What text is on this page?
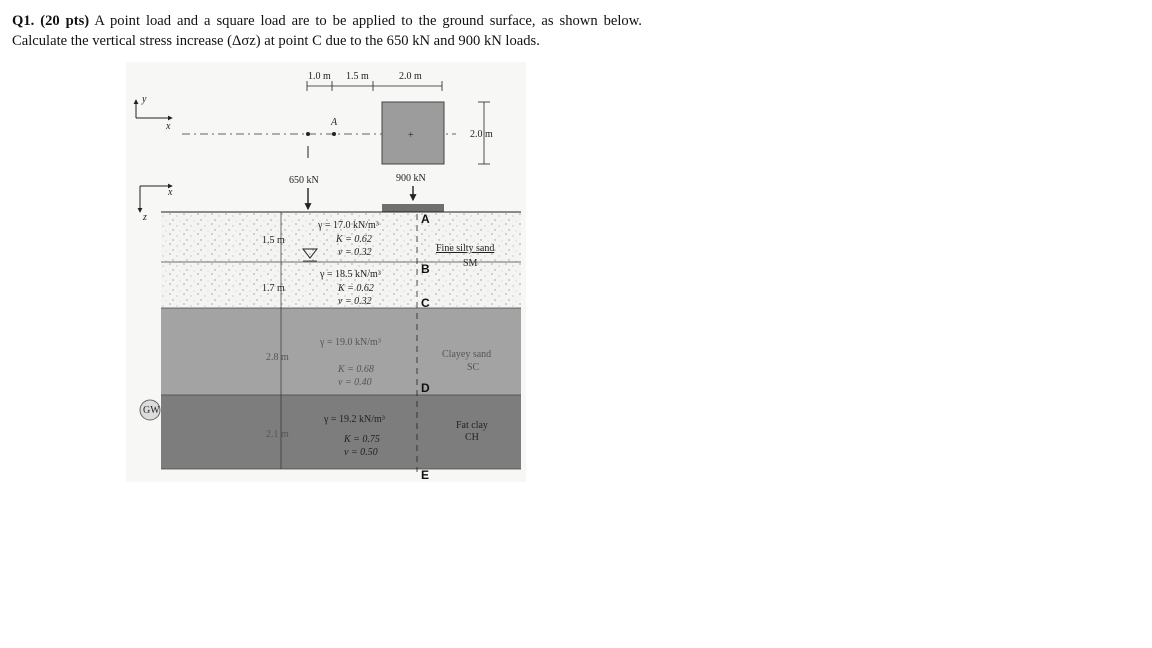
Q1. (20 pts) A point load and a square load are to be applied to the ground surface, as shown below. Calculate the vertical stress increase (Δσz) at point C due to the 650 kN and 900 kN loads.
1.0 m 1.5 m	2.0 m
y
x	A
+	2.0 m
x
z
650 kN	900 kN
1.5 m
1.7 m
2.8 m
2.1 m
γ = 17.0 kN/m³
K = 0.62
ν = 0.32
γ = 18.5 kN/m³
K = 0.62
ν = 0.32
γ = 19.0 kN/m³
K = 0.68
ν = 0.40
γ = 19.2 kN/m³
K = 0.75
ν = 0.50
Fine silty sand
SM
Clayey sand
SC
Fat clay
CH
A
B
C
D
E
GW
